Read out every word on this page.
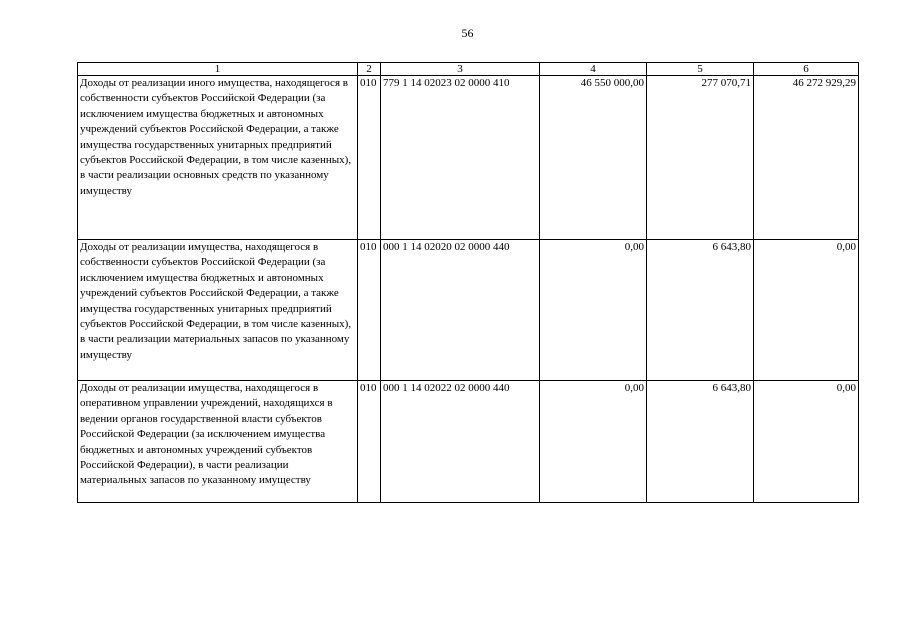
56
1	2	3	4	5	6
Доходы от реализации иного имущества, находящегося в собственности субъектов Российской Федерации (за исключением имущества бюджетных и автономных учреждений субъектов Российской Федерации, а также имущества государственных унитарных предприятий субъектов Российской Федерации, в том числе казенных), в части реализации основных средств по указанному имуществу	010	779 1 14 02023 02 0000 410	46 550 000,00	277 070,71	46 272 929,29

Доходы от реализации имущества, находящегося в собственности субъектов Российской Федерации (за исключением имущества бюджетных и автономных учреждений субъектов Российской Федерации, а также имущества государственных унитарных предприятий субъектов Российской Федерации, в том числе казенных), в части реализации материальных запасов по указанному имуществу	010	000 1 14 02020 02 0000 440	0,00	6 643,80	0,00

Доходы от реализации имущества, находящегося в оперативном управлении учреждений, находящихся в ведении органов государственной власти субъектов Российской Федерации (за исключением имущества бюджетных и автономных учреждений субъектов Российской Федерации), в части реализации материальных запасов по указанному имуществу	010	000 1 14 02022 02 0000 440	0,00	6 643,80	0,00
